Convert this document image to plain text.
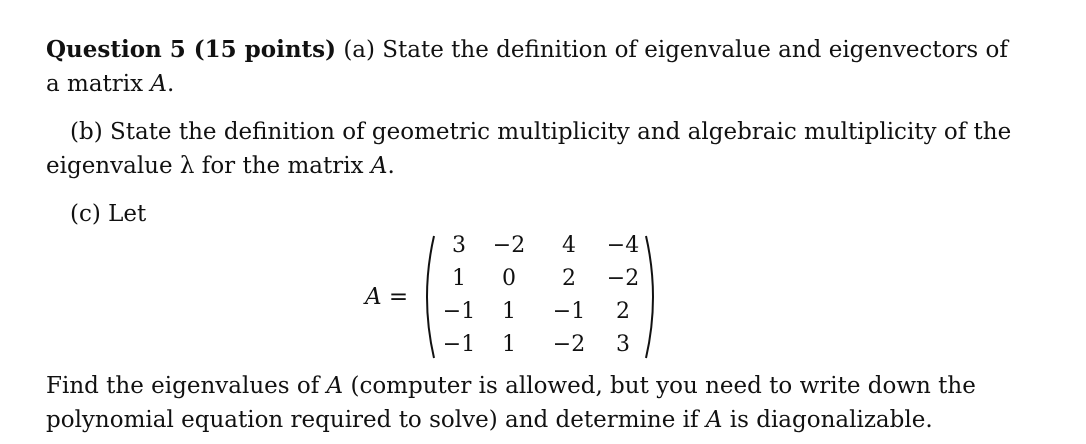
Question 5 (15 points) (a) State the definition of eigenvalue and eigenvectors of
a matrix A.
(b) State the definition of geometric multiplicity and algebraic multiplicity of the
eigenvalue λ for the matrix A.
(c) Let
A =
3	−2	4	−4
1	0	2	−2
−1	1	−1	2
−1	1	−2	3
Find the eigenvalues of A (computer is allowed, but you need to write down the
polynomial equation required to solve) and determine if A is diagonalizable.
